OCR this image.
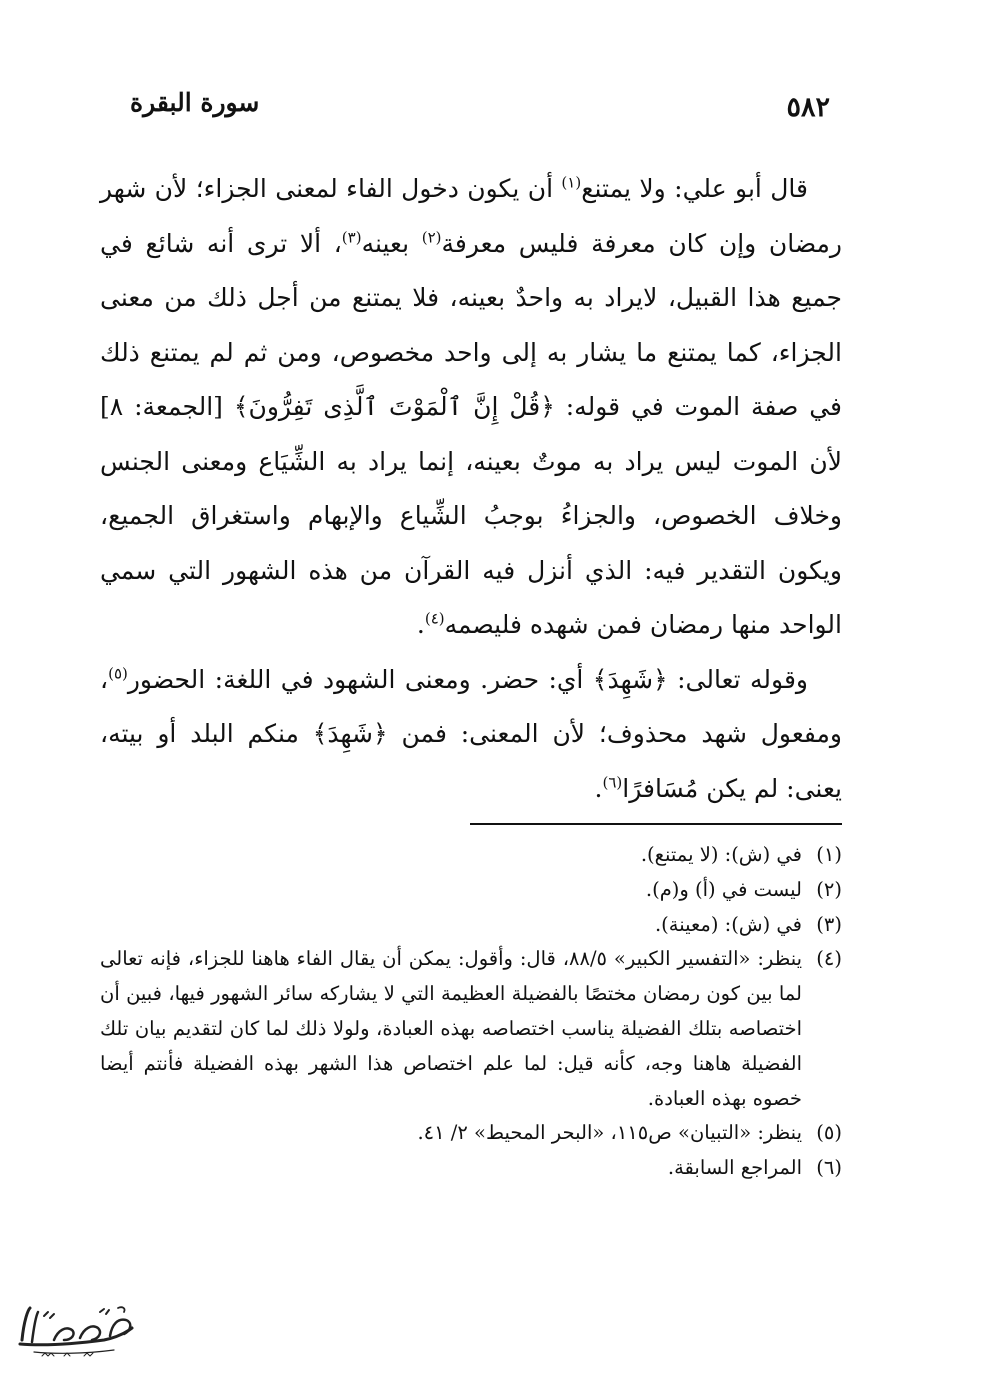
٥٨٢
سورة البقرة

قال أبو علي: ولا يمتنع$^{(١)}$ أن يكون دخول الفاء لمعنى الجزاء؛ لأن شهر رمضان وإن كان معرفة فليس معرفة$^{(٢)}$ بعينه$^{(٣)}$، ألا ترى أنه شائع في جميع هذا القبيل، لايراد به واحدٌ بعينه، فلا يمتنع من أجل ذلك من معنى الجزاء، كما يمتنع ما يشار به إلى واحد مخصوص، ومن ثم لم يمتنع ذلك في صفة الموت في قوله: ﴿قُلْ إِنَّ ٱلْمَوْتَ ٱلَّذِى تَفِرُّونَ﴾ [الجمعة: ٨] لأن الموت ليس يراد به موتٌ بعينه، إنما يراد به الشِّيَاع ومعنى الجنس وخلاف الخصوص، والجزاءُ بوجبُ الشِّياع والإبهام واستغراق الجميع، ويكون التقدير فيه: الذي أنزل فيه القرآن من هذه الشهور التي سمي الواحد منها رمضان فمن شهده فليصمه$^{(٤)}$.

وقوله تعالى: ﴿شَهِدَ﴾ أي: حضر. ومعنى الشهود في اللغة: الحضور$^{(٥)}$، ومفعول شهد محذوف؛ لأن المعنى: فمن ﴿شَهِدَ﴾ منكم البلد أو بيته، يعنى: لم يكن مُسَافرًا$^{(٦)}$.

(١)
في (ش): (لا يمتنع).
(٢)
ليست في (أ) و(م).
(٣)
في (ش): (معينة).
(٤)
ينظر: «التفسير الكبير» ٨٨/٥، قال: وأقول: يمكن أن يقال الفاء هاهنا للجزاء، فإنه تعالى لما بين كون رمضان مختصًا بالفضيلة العظيمة التي لا يشاركه سائر الشهور فيها، فبين أن اختصاصه بتلك الفضيلة يناسب اختصاصه بهذه العبادة، ولولا ذلك لما كان لتقديم بيان تلك الفضيلة هاهنا وجه، كأنه قيل: لما علم اختصاص هذا الشهر بهذه الفضيلة فأنتم أيضا خصوه بهذه العبادة.
(٥)
ينظر: «التبيان» ص١١٥، «البحر المحيط» ٢/ ٤١.
(٦)
المراجع السابقة.
